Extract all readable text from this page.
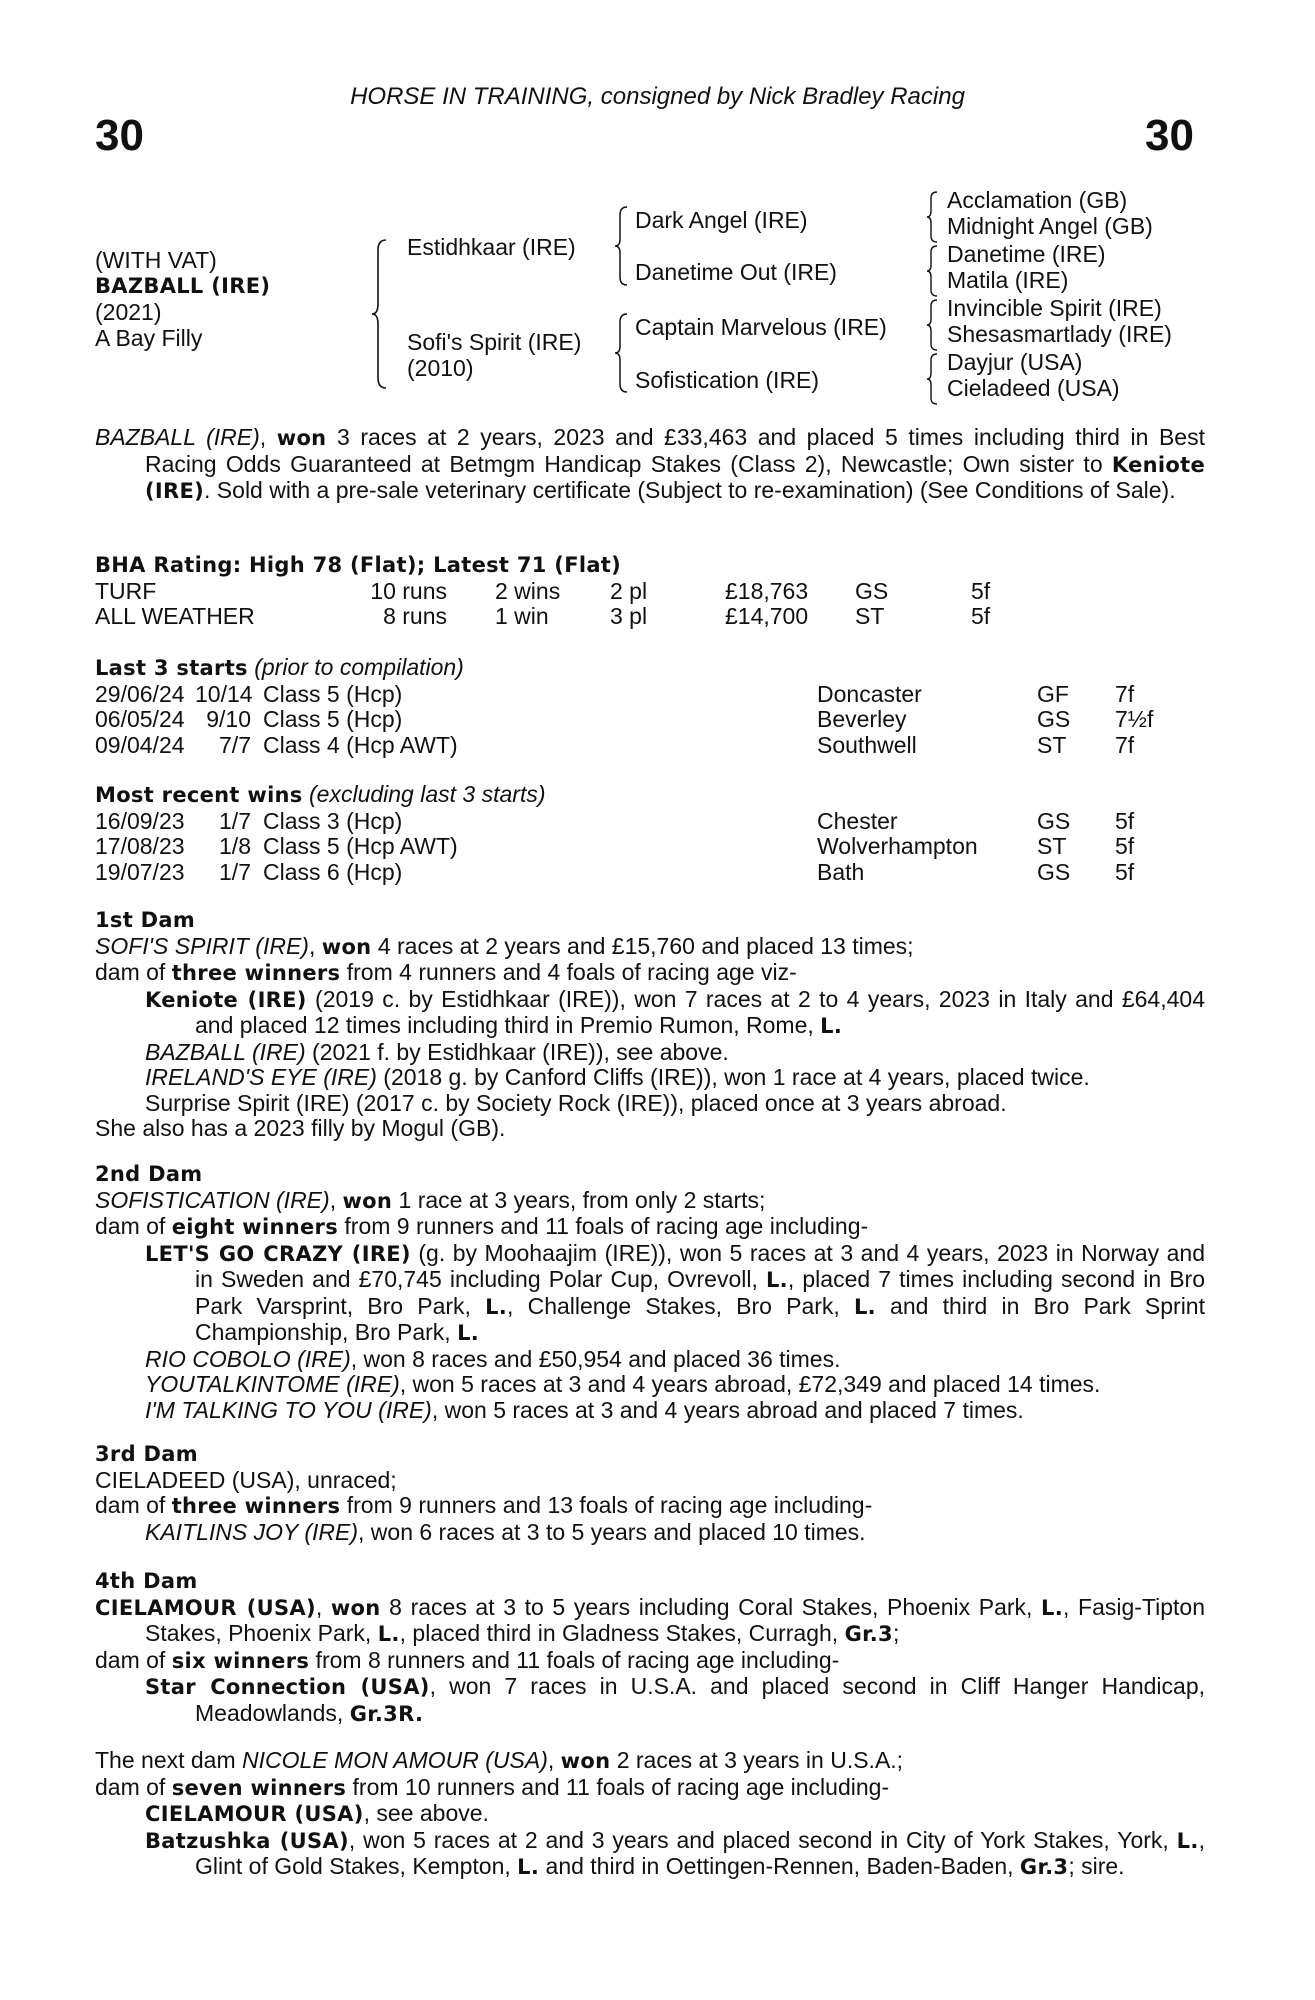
30
HORSE IN TRAINING, consigned by Nick Bradley Racing
30
(WITH VAT)
BAZBALL (IRE)
(2021)
A Bay Filly
Estidhkaar (IRE)
Sofi's Spirit (IRE)
(2010)
Dark Angel (IRE)
Danetime Out (IRE)
Captain Marvelous (IRE)
Sofistication (IRE)
Acclamation (GB)
Midnight Angel (GB)
Danetime (IRE)
Matila (IRE)
Invincible Spirit (IRE)
Shesasmartlady (IRE)
Dayjur (USA)
Cieladeed (USA)
BAZBALL (IRE), won 3 races at 2 years, 2023 and £33,463 and placed 5 times including third in Best Racing Odds Guaranteed at Betmgm Handicap Stakes (Class 2), Newcastle; Own sister to Keniote (IRE). Sold with a pre-sale veterinary certificate (Subject to re-examination) (See Conditions of Sale).
BHA Rating: High 78 (Flat); Latest 71 (Flat)
TURF	10 runs 2 wins 2 pl	£18,763 GS	5f
ALL WEATHER	8 runs 1 win	3 pl	£14,700 ST	5f
Last 3 starts (prior to compilation)
29/06/24 10/14 Class 5 (Hcp)	Doncaster	GF 7f
06/05/24 9/10 Class 5 (Hcp)	Beverley	GS 7½f
09/04/24	7/7 Class 4 (Hcp AWT)	Southwell	ST 7f
Most recent wins (excluding last 3 starts)
16/09/23	1/7 Class 3 (Hcp)	Chester	GS 5f
17/08/23	1/8 Class 5 (Hcp AWT)	Wolverhampton	ST 5f
19/07/23	1/7 Class 6 (Hcp)	Bath	GS 5f
1st Dam
SOFI'S SPIRIT (IRE), won 4 races at 2 years and £15,760 and placed 13 times;
dam of three winners from 4 runners and 4 foals of racing age viz-
Keniote (IRE) (2019 c. by Estidhkaar (IRE)), won 7 races at 2 to 4 years, 2023 in Italy and £64,404 and placed 12 times including third in Premio Rumon, Rome, L.
BAZBALL (IRE) (2021 f. by Estidhkaar (IRE)), see above.
IRELAND'S EYE (IRE) (2018 g. by Canford Cliffs (IRE)), won 1 race at 4 years, placed twice.
Surprise Spirit (IRE) (2017 c. by Society Rock (IRE)), placed once at 3 years abroad.
She also has a 2023 filly by Mogul (GB).
2nd Dam
SOFISTICATION (IRE), won 1 race at 3 years, from only 2 starts;
dam of eight winners from 9 runners and 11 foals of racing age including-
LET'S GO CRAZY (IRE) (g. by Moohaajim (IRE)), won 5 races at 3 and 4 years, 2023 in Norway and in Sweden and £70,745 including Polar Cup, Ovrevoll, L., placed 7 times including second in Bro Park Varsprint, Bro Park, L., Challenge Stakes, Bro Park, L. and third in Bro Park Sprint Championship, Bro Park, L.
RIO COBOLO (IRE), won 8 races and £50,954 and placed 36 times.
YOUTALKINTOME (IRE), won 5 races at 3 and 4 years abroad, £72,349 and placed 14 times.
I'M TALKING TO YOU (IRE), won 5 races at 3 and 4 years abroad and placed 7 times.
3rd Dam
CIELADEED (USA), unraced;
dam of three winners from 9 runners and 13 foals of racing age including-
KAITLINS JOY (IRE), won 6 races at 3 to 5 years and placed 10 times.
4th Dam
CIELAMOUR (USA), won 8 races at 3 to 5 years including Coral Stakes, Phoenix Park, L., Fasig-Tipton Stakes, Phoenix Park, L., placed third in Gladness Stakes, Curragh, Gr.3;
dam of six winners from 8 runners and 11 foals of racing age including-
Star Connection (USA), won 7 races in U.S.A. and placed second in Cliff Hanger Handicap, Meadowlands, Gr.3R.
The next dam NICOLE MON AMOUR (USA), won 2 races at 3 years in U.S.A.;
dam of seven winners from 10 runners and 11 foals of racing age including-
CIELAMOUR (USA), see above.
Batzushka (USA), won 5 races at 2 and 3 years and placed second in City of York Stakes, York, L., Glint of Gold Stakes, Kempton, L. and third in Oettingen-Rennen, Baden-Baden, Gr.3; sire.
